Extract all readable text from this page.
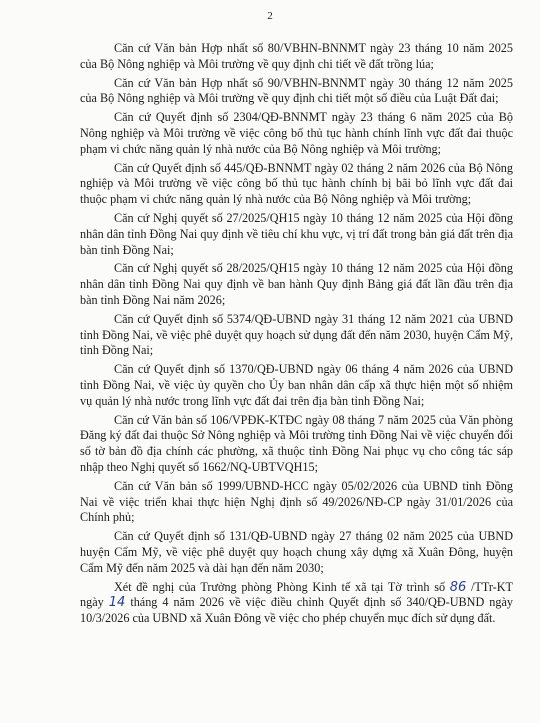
2

Căn cứ Văn bản Hợp nhất số 80/VBHN-BNNMT ngày 23 tháng 10 năm 2025 của Bộ Nông nghiệp và Môi trường về quy định chi tiết về đất trồng lúa;

Căn cứ Văn bản Hợp nhất số 90/VBHN-BNNMT ngày 30 tháng 12 năm 2025 của Bộ Nông nghiệp và Môi trường về quy định chi tiết một số điều của Luật Đất đai;

Căn cứ Quyết định số 2304/QĐ-BNNMT ngày 23 tháng 6 năm 2025 của Bộ Nông nghiệp và Môi trường về việc công bố thủ tục hành chính lĩnh vực đất đai thuộc phạm vi chức năng quản lý nhà nước của Bộ Nông nghiệp và Môi trường;

Căn cứ Quyết định số 445/QĐ-BNNMT ngày 02 tháng 2 năm 2026 của Bộ Nông nghiệp và Môi trường về việc công bố thủ tục hành chính bị bãi bỏ lĩnh vực đất đai thuộc phạm vi chức năng quản lý nhà nước của Bộ Nông nghiệp và Môi trường;

Căn cứ Nghị quyết số 27/2025/QH15 ngày 10 tháng 12 năm 2025 của Hội đồng nhân dân tỉnh Đồng Nai quy định về tiêu chí khu vực, vị trí đất trong bản giá đất trên địa bàn tỉnh Đồng Nai;

Căn cứ Nghị quyết số 28/2025/QH15 ngày 10 tháng 12 năm 2025 của Hội đồng nhân dân tỉnh Đồng Nai quy định về ban hành Quy định Bảng giá đất lần đầu trên địa bàn tỉnh Đồng Nai năm 2026;

Căn cứ Quyết định số 5374/QĐ-UBND ngày 31 tháng 12 năm 2021 của UBND tỉnh Đồng Nai, về việc phê duyệt quy hoạch sử dụng đất đến năm 2030, huyện Cẩm Mỹ, tỉnh Đồng Nai;

Căn cứ Quyết định số 1370/QĐ-UBND ngày 06 tháng 4 năm 2026 của UBND tỉnh Đồng Nai, về việc ủy quyền cho Ủy ban nhân dân cấp xã thực hiện một số nhiệm vụ quản lý nhà nước trong lĩnh vực đất đai trên địa bàn tỉnh Đồng Nai;

Căn cứ Văn bản số 106/VPĐK-KTĐC ngày 08 tháng 7 năm 2025 của Văn phòng Đăng ký đất đai thuộc Sở Nông nghiệp và Môi trường tỉnh Đồng Nai về việc chuyển đổi số tờ bản đồ địa chính các phường, xã thuộc tỉnh Đồng Nai phục vụ cho công tác sáp nhập theo Nghị quyết số 1662/NQ-UBTVQH15;

Căn cứ Văn bản số 1999/UBND-HCC ngày 05/02/2026 của UBND tỉnh Đồng Nai về việc triển khai thực hiện Nghị định số 49/2026/NĐ-CP ngày 31/01/2026 của Chính phủ;

Căn cứ Quyết định số 131/QĐ-UBND ngày 27 tháng 02 năm 2025 của UBND huyện Cẩm Mỹ, về việc phê duyệt quy hoạch chung xây dựng xã Xuân Đông, huyện Cẩm Mỹ đến năm 2025 và dài hạn đến năm 2030;

Xét đề nghị của Trưởng phòng Phòng Kinh tế xã tại Tờ trình số 86 /TTr-KT ngày 14 tháng 4 năm 2026 về việc điều chỉnh Quyết định số 340/QĐ-UBND ngày 10/3/2026 của UBND xã Xuân Đông về việc cho phép chuyển mục đích sử dụng đất.
